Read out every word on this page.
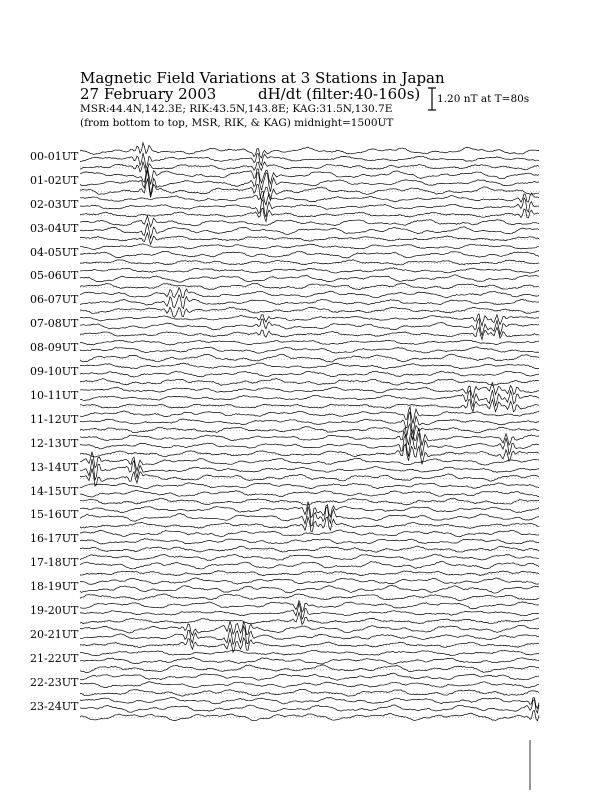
Magnetic Field Variations at 3 Stations in Japan
27 February 2003	dH/dt (filter:40-160s)
MSR:44.4N,142.3E; RIK:43.5N,143.8E; KAG:31.5N,130.7E
(from bottom to top, MSR, RIK, & KAG) midnight=1500UT
1.20 nT at T=80s
00-01UT
01-02UT
02-03UT
03-04UT
04-05UT
05-06UT
06-07UT
07-08UT
08-09UT
09-10UT
10-11UT
11-12UT
12-13UT
13-14UT
14-15UT
15-16UT
16-17UT
17-18UT
18-19UT
19-20UT
20-21UT
21-22UT
22-23UT
23-24UT
